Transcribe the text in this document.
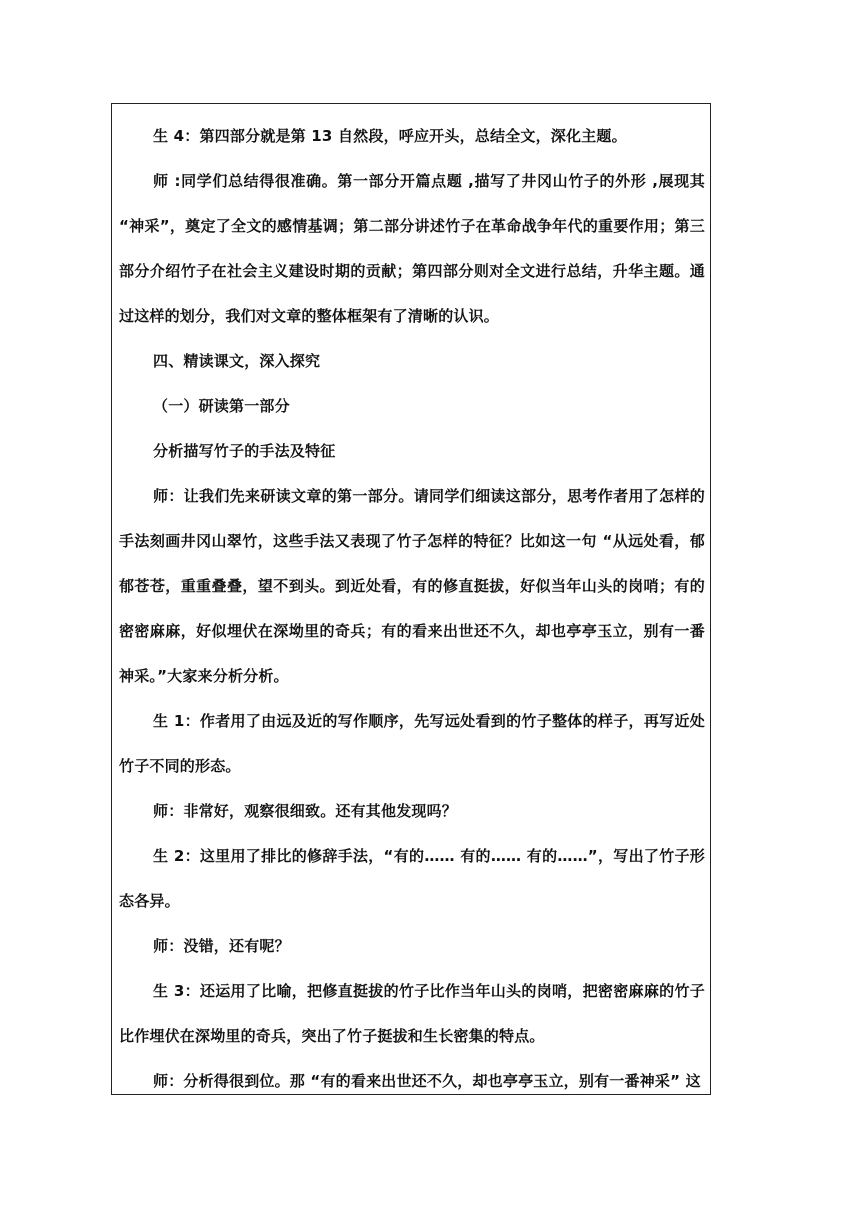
生 4：第四部分就是第 13 自然段，呼应开头，总结全文，深化主题。

师 :同学们总结得很准确。第一部分开篇点题 ,描写了井冈山竹子的外形 ,展现其 “神采”，奠定了全文的感情基调；第二部分讲述竹子在革命战争年代的重要作用；第三部分介绍竹子在社会主义建设时期的贡献；第四部分则对全文进行总结，升华主题。通过这样的划分，我们对文章的整体框架有了清晰的认识。

四、精读课文，深入探究

（一）研读第一部分

分析描写竹子的手法及特征

师：让我们先来研读文章的第一部分。请同学们细读这部分，思考作者用了怎样的手法刻画井冈山翠竹，这些手法又表现了竹子怎样的特征？比如这一句 “从远处看，郁郁苍苍，重重叠叠，望不到头。到近处看，有的修直挺拔，好似当年山头的岗哨；有的密密麻麻，好似埋伏在深坳里的奇兵；有的看来出世还不久，却也亭亭玉立，别有一番神采。”大家来分析分析。

生 1：作者用了由远及近的写作顺序，先写远处看到的竹子整体的样子，再写近处竹子不同的形态。

师：非常好，观察很细致。还有其他发现吗？

生 2：这里用了排比的修辞手法，“有的…… 有的…… 有的……”，写出了竹子形态各异。

师：没错，还有呢？

生 3：还运用了比喻，把修直挺拔的竹子比作当年山头的岗哨，把密密麻麻的竹子比作埋伏在深坳里的奇兵，突出了竹子挺拔和生长密集的特点。

师：分析得很到位。那 “有的看来出世还不久，却也亭亭玉立，别有一番神采” 这
